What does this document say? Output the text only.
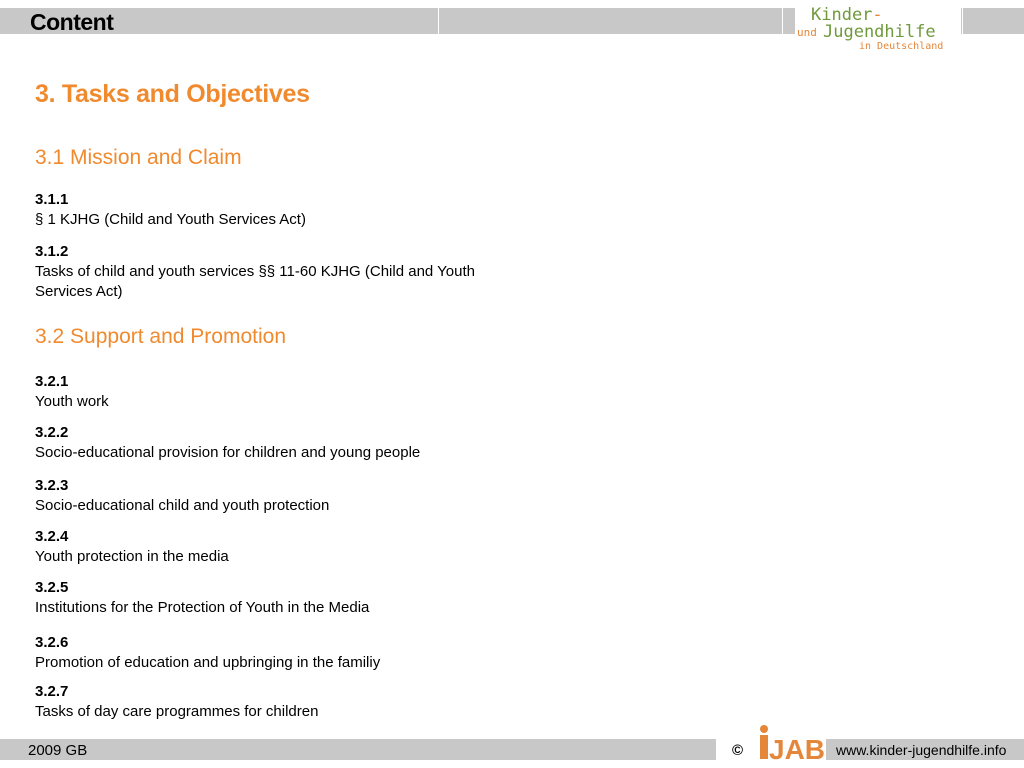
Content	Kinder-
und Jugendhilfe
in Deutschland
3. Tasks and Objectives
3.1 Mission and Claim
3.1.1
§ 1 KJHG (Child and Youth Services Act)
3.1.2
Tasks of child and youth services §§ 11-60 KJHG (Child and Youth Services Act)
3.2 Support and Promotion
3.2.1
Youth work
3.2.2
Socio-educational provision for children and young people
3.2.3
Socio-educational child and youth protection
3.2.4
Youth protection in the media
3.2.5
Institutions for the Protection of Youth in the Media
3.2.6
Promotion of education and upbringing in the familiy
3.2.7
Tasks of day care programmes for children
2009 GB	© JAB www.kinder-jugendhilfe.info
